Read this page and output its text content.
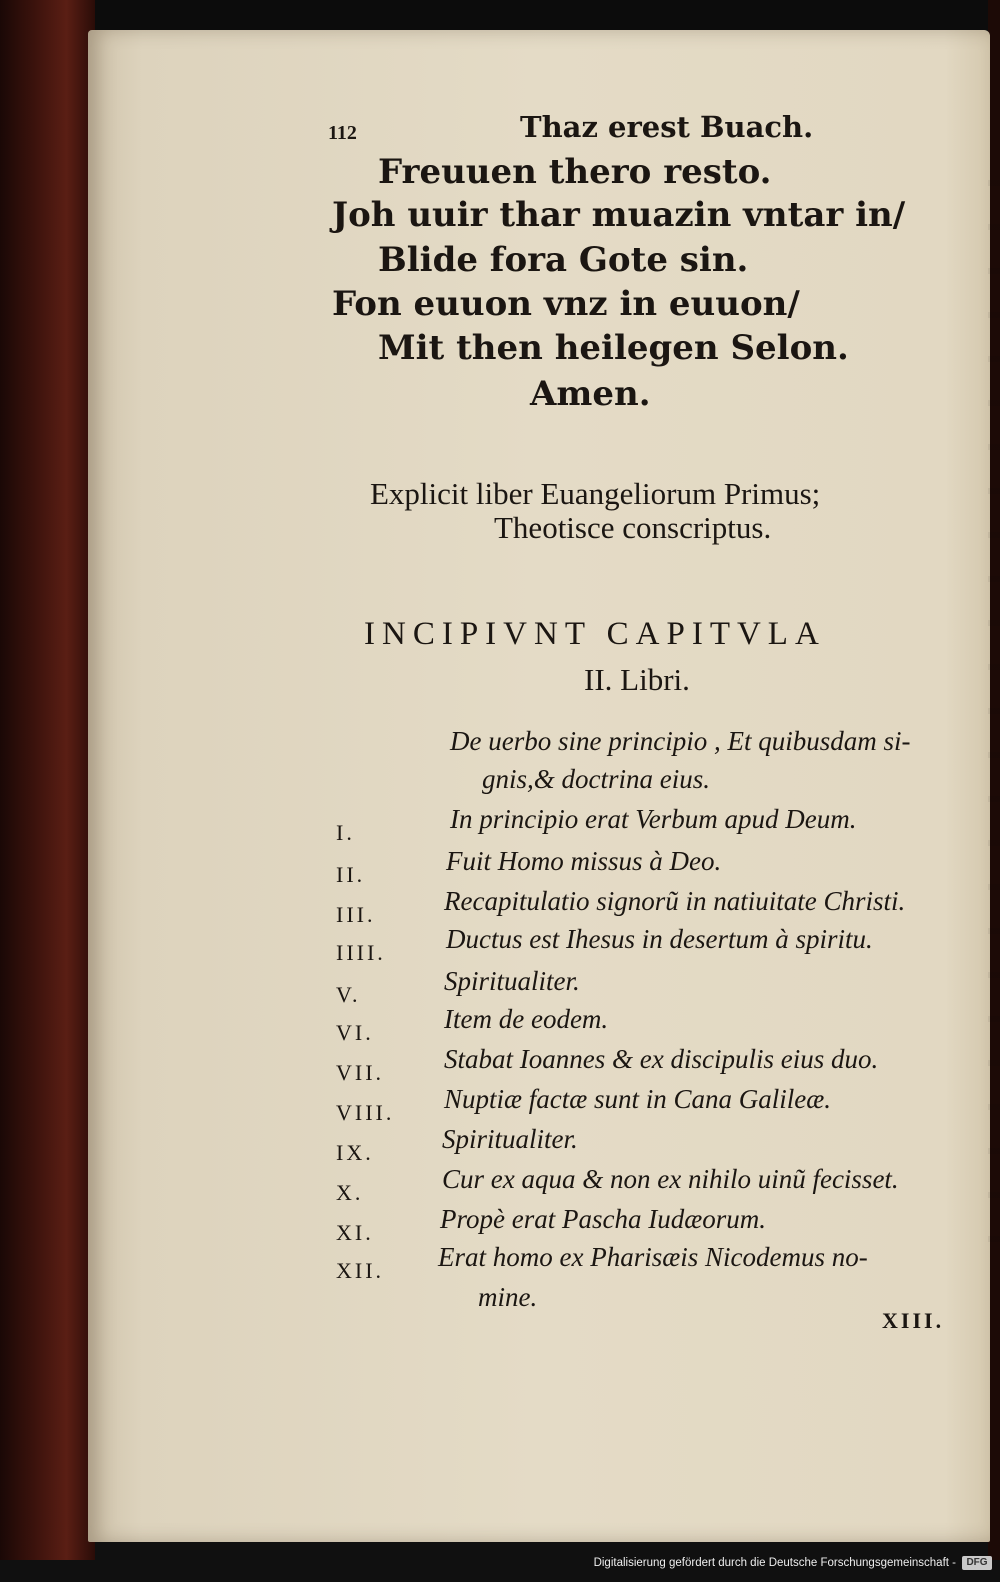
112	Thaz erest Buach.
Freuuen thero resto.
Joh uuir thar muazin vntar in/
Blide fora Gote sin.
Fon euuon vnz in euuon/
Mit then heilegen Selon.
Amen.
Explicit liber Euangeliorum Primus;
Theotisce conscriptus.
INCIPIVNT CAPITVLA
II. Libri.
De uerbo sine principio , Et quibusdam si-
gnis,& doctrina eius.
I.	In principio erat Verbum apud Deum.
II.	Fuit Homo missus à Deo.
III.	Recapitulatio signorũ in natiuitate Christi.
IIII. Ductus est Ihesus in desertum à spiritu.
V.	Spiritualiter.
VI.	Item de eodem.
VII. Stabat Ioannes & ex discipulis eius duo.
VIII. Nuptiæ factæ sunt in Cana Galileæ.
IX.	Spiritualiter.
X.	Cur ex aqua & non ex nihilo uinũ fecisset.
XI. Propè erat Pascha Iudæorum.
XII. Erat homo ex Pharisæis Nicodemus no-
mine.
XIII.
Digitalisierung gefördert durch die Deutsche Forschungsgemeinschaft -	DFG
